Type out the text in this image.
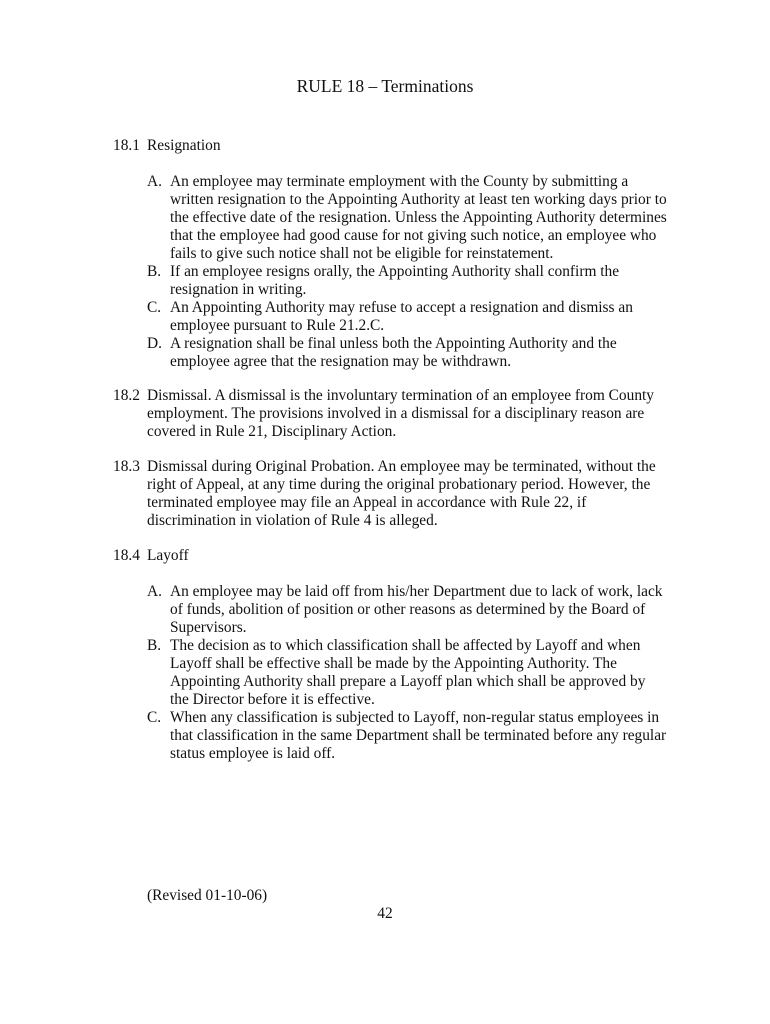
RULE 18 – Terminations
18.1 Resignation
A. An employee may terminate employment with the County by submitting a written resignation to the Appointing Authority at least ten working days prior to the effective date of the resignation. Unless the Appointing Authority determines that the employee had good cause for not giving such notice, an employee who fails to give such notice shall not be eligible for reinstatement.
B. If an employee resigns orally, the Appointing Authority shall confirm the resignation in writing.
C. An Appointing Authority may refuse to accept a resignation and dismiss an employee pursuant to Rule 21.2.C.
D. A resignation shall be final unless both the Appointing Authority and the employee agree that the resignation may be withdrawn.
18.2 Dismissal. A dismissal is the involuntary termination of an employee from County employment. The provisions involved in a dismissal for a disciplinary reason are covered in Rule 21, Disciplinary Action.
18.3 Dismissal during Original Probation. An employee may be terminated, without the right of Appeal, at any time during the original probationary period. However, the terminated employee may file an Appeal in accordance with Rule 22, if discrimination in violation of Rule 4 is alleged.
18.4 Layoff
A. An employee may be laid off from his/her Department due to lack of work, lack of funds, abolition of position or other reasons as determined by the Board of Supervisors.
B. The decision as to which classification shall be affected by Layoff and when Layoff shall be effective shall be made by the Appointing Authority. The Appointing Authority shall prepare a Layoff plan which shall be approved by the Director before it is effective.
C. When any classification is subjected to Layoff, non-regular status employees in that classification in the same Department shall be terminated before any regular status employee is laid off.
(Revised 01-10-06)
42
